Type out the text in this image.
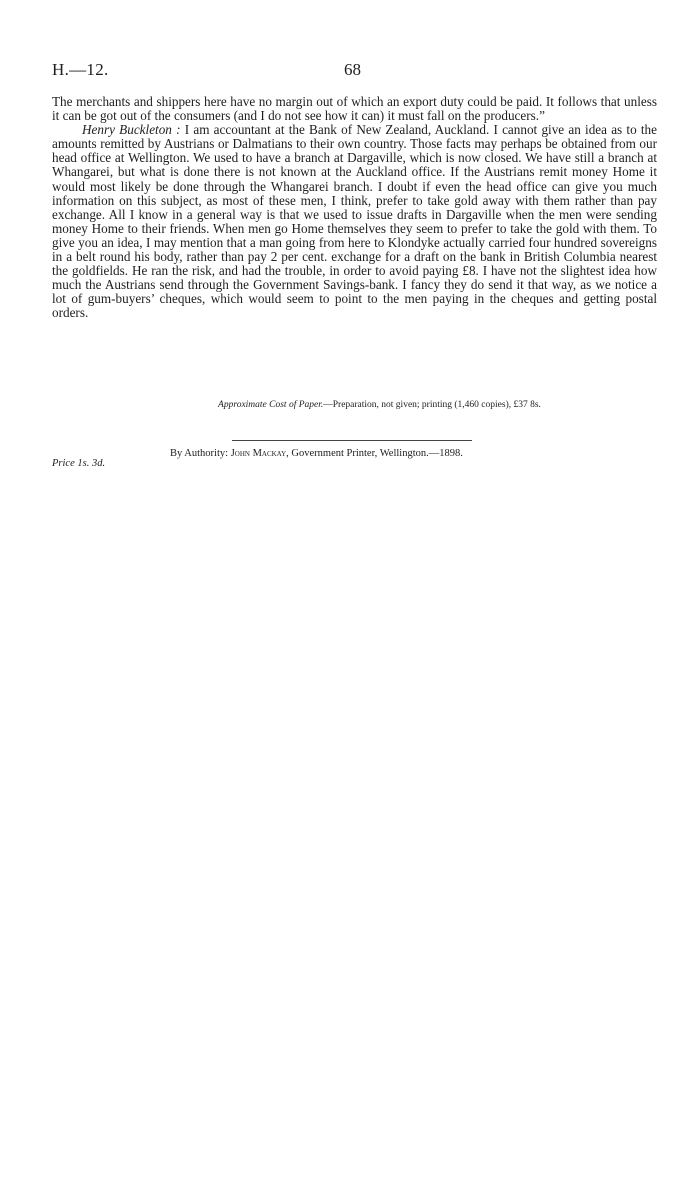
H.—12.	68

The merchants and shippers here have no margin out of which an export duty could be paid. It follows that unless it can be got out of the consumers (and I do not see how it can) it must fall on the producers.”

Henry Buckleton : I am accountant at the Bank of New Zealand, Auckland. I cannot give an idea as to the amounts remitted by Austrians or Dalmatians to their own country. Those facts may perhaps be obtained from our head office at Wellington. We used to have a branch at Dargaville, which is now closed. We have still a branch at Whangarei, but what is done there is not known at the Auckland office. If the Austrians remit money Home it would most likely be done through the Whangarei branch. I doubt if even the head office can give you much information on this subject, as most of these men, I think, prefer to take gold away with them rather than pay exchange. All I know in a general way is that we used to issue drafts in Dargaville when the men were sending money Home to their friends. When men go Home themselves they seem to prefer to take the gold with them. To give you an idea, I may mention that a man going from here to Klondyke actually carried four hundred sovereigns in a belt round his body, rather than pay 2 per cent. exchange for a draft on the bank in British Columbia nearest the goldfields. He ran the risk, and had the trouble, in order to avoid paying £8. I have not the slightest idea how much the Austrians send through the Government Savings-bank. I fancy they do send it that way, as we notice a lot of gum-buyers’ cheques, which would seem to point to the men paying in the cheques and getting postal orders.

Approximate Cost of Paper.—Preparation, not given; printing (1,460 copies), £37 8s.
By Authority: John Mackay, Government Printer, Wellington.—1898.
Price 1s. 3d.
